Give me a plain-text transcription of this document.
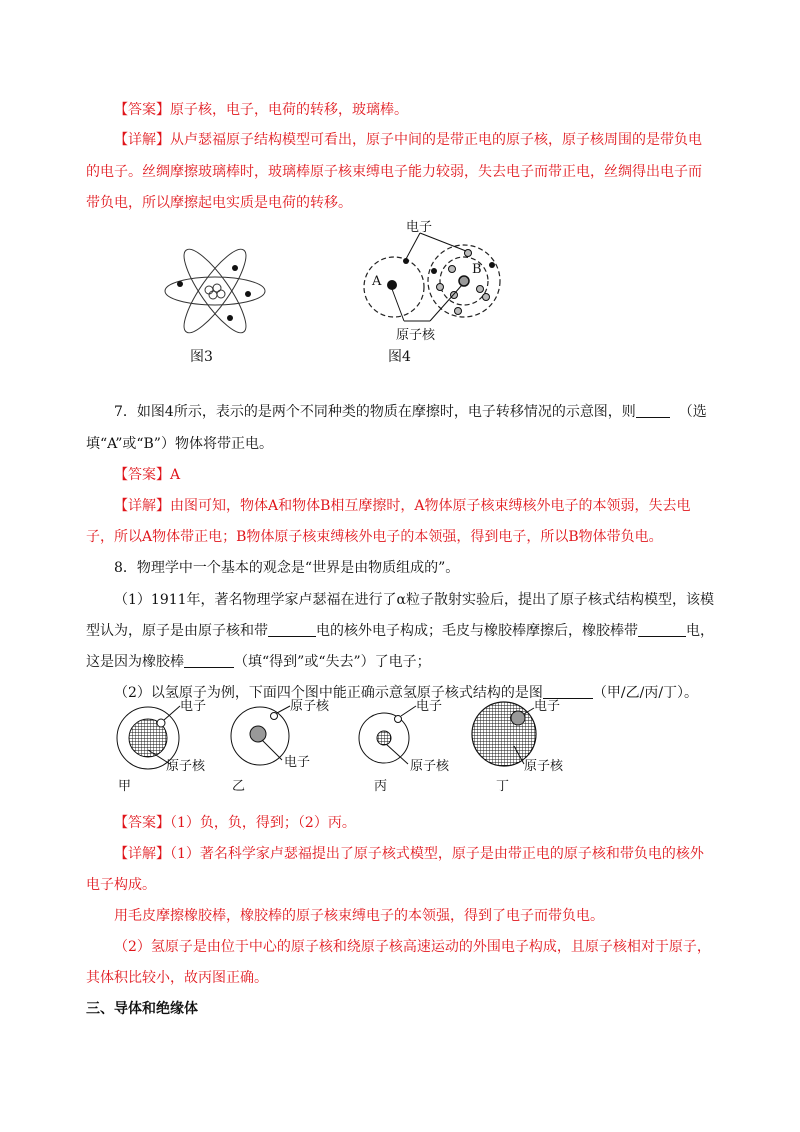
【答案】原子核，电子，电荷的转移，玻璃棒。
【详解】从卢瑟福原子结构模型可看出，原子中间的是带正电的原子核，原子核周围的是带负电
的电子。丝绸摩擦玻璃棒时，玻璃棒原子核束缚电子能力较弱，失去电子而带正电，丝绸得出电子而
带负电，所以摩擦起电实质是电荷的转移。
图3
电子
A
B
原子核
图4
7．如图4所示，表示的是两个不同种类的物质在摩擦时，电子转移情况的示意图，则	（选
填“A”或“B”）物体将带正电。
【答案】A
【详解】由图可知，物体A和物体B相互摩擦时，A物体原子核束缚核外电子的本领弱，失去电
子，所以A物体带正电；B物体原子核束缚核外电子的本领强，得到电子，所以B物体带负电。
8．物理学中一个基本的观念是“世界是由物质组成的”。
（1）1911年，著名物理学家卢瑟福在进行了α粒子散射实验后，提出了原子核式结构模型，该模
型认为，原子是由原子核和带	电的核外电子构成；毛皮与橡胶棒摩擦后，橡胶棒带	电，
这是因为橡胶棒	（填“得到”或“失去”）了电子；
（2）以氢原子为例，下面四个图中能正确示意氢原子核式结构的是图	（甲/乙/丙/丁）。
电子
原子核
甲
原子核
电子
乙
电子
原子核
丙
电子
原子核
丁
【答案】（1）负，负，得到；（2）丙。
【详解】（1）著名科学家卢瑟福提出了原子核式模型，原子是由带正电的原子核和带负电的核外
电子构成。
用毛皮摩擦橡胶棒，橡胶棒的原子核束缚电子的本领强，得到了电子而带负电。
（2）氢原子是由位于中心的原子核和绕原子核高速运动的外围电子构成，且原子核相对于原子，
其体积比较小，故丙图正确。
三、导体和绝缘体
